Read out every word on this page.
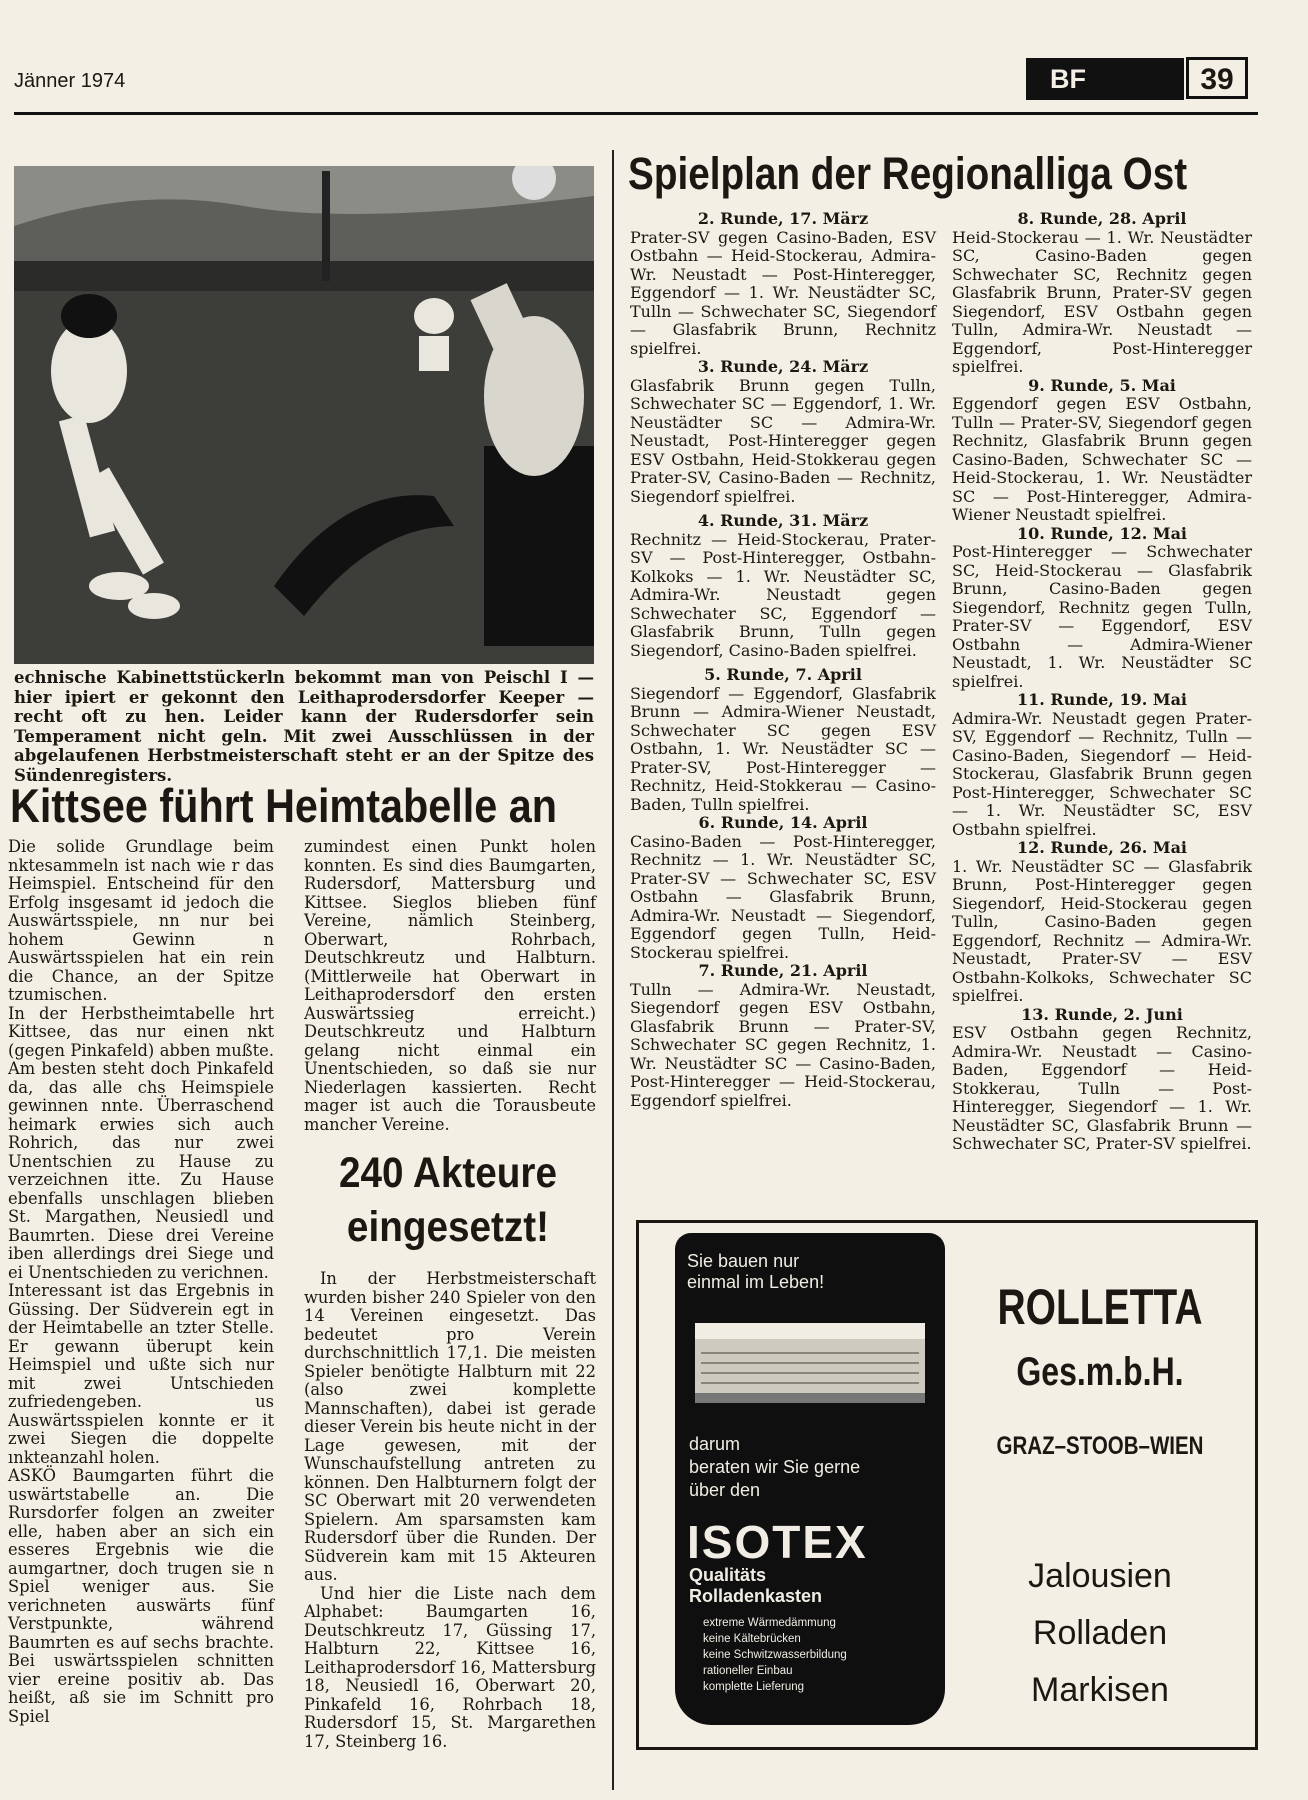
Jänner 1974	BF	39
echnische Kabinettstückerln bekommt man von Peischl I — hier ipiert er gekonnt den Leithaprodersdorfer Keeper — recht oft zu hen. Leider kann der Rudersdorfer sein Temperament nicht geln. Mit zwei Ausschlüssen in der abgelaufenen Herbstmeisterschaft steht er an der Spitze des Sündenregisters.
Kittsee führt Heimtabelle an

Die solide Grundlage beim nktesammeln ist nach wie r das Heimspiel. Entscheind für den Erfolg insgesamt id jedoch die Auswärtsspiele, nn nur bei hohem Gewinn n Auswärtsspielen hat ein rein die Chance, an der Spitze tzumischen.

In der Herbstheimtabelle hrt Kittsee, das nur einen nkt (gegen Pinkafeld) abben mußte. Am besten steht doch Pinkafeld da, das alle chs Heimspiele gewinnen nnte. Überraschend heimark erwies sich auch Rohrich, das nur zwei Unentschien zu Hause zu verzeichnen itte. Zu Hause ebenfalls unschlagen blieben St. Margathen, Neusiedl und Baumrten. Diese drei Vereine iben allerdings drei Siege und ei Unentschieden zu verichnen.

Interessant ist das Ergebnis in Güssing. Der Südverein egt in der Heimtabelle an tzter Stelle. Er gewann überupt kein Heimspiel und ußte sich nur mit zwei Untschieden zufriedengeben. us Auswärtsspielen konnte er it zwei Siegen die doppelte ınkteanzahl holen.

ASKÖ Baumgarten führt die uswärtstabelle an. Die Rursdorfer folgen an zweiter elle, haben aber an sich ein esseres Ergebnis wie die aumgartner, doch trugen sie n Spiel weniger aus. Sie verichneten auswärts fünf Verstpunkte, während Baumrten es auf sechs brachte. Bei uswärtsspielen schnitten vier ereine positiv ab. Das heißt, aß sie im Schnitt pro Spiel

zumindest einen Punkt holen konnten. Es sind dies Baumgarten, Rudersdorf, Mattersburg und Kittsee. Sieglos blieben fünf Vereine, nämlich Steinberg, Oberwart, Rohrbach, Deutschkreutz und Halbturn. (Mittlerweile hat Oberwart in Leithaprodersdorf den ersten Auswärtssieg erreicht.) Deutschkreutz und Halbturn gelang nicht einmal ein Unentschieden, so daß sie nur Niederlagen kassierten. Recht mager ist auch die Torausbeute mancher Vereine.

240 Akteure eingesetzt!

In der Herbstmeisterschaft wurden bisher 240 Spieler von den 14 Vereinen eingesetzt. Das bedeutet pro Verein durchschnittlich 17,1. Die meisten Spieler benötigte Halbturn mit 22 (also zwei komplette Mannschaften), dabei ist gerade dieser Verein bis heute nicht in der Lage gewesen, mit der Wunschaufstellung antreten zu können. Den Halbturnern folgt der SC Oberwart mit 20 verwendeten Spielern. Am sparsamsten kam Rudersdorf über die Runden. Der Südverein kam mit 15 Akteuren aus.

Und hier die Liste nach dem Alphabet: Baumgarten 16, Deutschkreutz 17, Güssing 17, Halbturn 22, Kittsee 16, Leithaprodersdorf 16, Mattersburg 18, Neusiedl 16, Oberwart 20, Pinkafeld 16, Rohrbach 18, Rudersdorf 15, St. Margarethen 17, Steinberg 16.

Spielplan der Regionalliga Ost
2. Runde, 17. März
Prater-SV gegen Casino-Baden, ESV Ostbahn — Heid-Stockerau, Admira-Wr. Neustadt — Post-Hinteregger, Eggendorf — 1. Wr. Neustädter SC, Tulln — Schwechater SC, Siegendorf — Glasfabrik Brunn, Rechnitz spielfrei.
3. Runde, 24. März
Glasfabrik Brunn gegen Tulln, Schwechater SC — Eggendorf, 1. Wr. Neustädter SC — Admira-Wr. Neustadt, Post-Hinteregger gegen ESV Ostbahn, Heid-Stokkerau gegen Prater-SV, Casino-Baden — Rechnitz, Siegendorf spielfrei.
4. Runde, 31. März
Rechnitz — Heid-Stockerau, Prater-SV — Post-Hinteregger, Ostbahn-Kolkoks — 1. Wr. Neustädter SC, Admira-Wr. Neustadt gegen Schwechater SC, Eggendorf — Glasfabrik Brunn, Tulln gegen Siegendorf, Casino-Baden spielfrei.
5. Runde, 7. April
Siegendorf — Eggendorf, Glasfabrik Brunn — Admira-Wiener Neustadt, Schwechater SC gegen ESV Ostbahn, 1. Wr. Neustädter SC — Prater-SV, Post-Hinteregger — Rechnitz, Heid-Stokkerau — Casino-Baden, Tulln spielfrei.
6. Runde, 14. April
Casino-Baden — Post-Hinteregger, Rechnitz — 1. Wr. Neustädter SC, Prater-SV — Schwechater SC, ESV Ostbahn — Glasfabrik Brunn, Admira-Wr. Neustadt — Siegendorf, Eggendorf gegen Tulln, Heid-Stockerau spielfrei.
7. Runde, 21. April
Tulln — Admira-Wr. Neustadt, Siegendorf gegen ESV Ostbahn, Glasfabrik Brunn — Prater-SV, Schwechater SC gegen Rechnitz, 1. Wr. Neustädter SC — Casino-Baden, Post-Hinteregger — Heid-Stockerau, Eggendorf spielfrei.
8. Runde, 28. April
Heid-Stockerau — 1. Wr. Neustädter SC, Casino-Baden gegen Schwechater SC, Rechnitz gegen Glasfabrik Brunn, Prater-SV gegen Siegendorf, ESV Ostbahn gegen Tulln, Admira-Wr. Neustadt — Eggendorf, Post-Hinteregger spielfrei.
9. Runde, 5. Mai
Eggendorf gegen ESV Ostbahn, Tulln — Prater-SV, Siegendorf gegen Rechnitz, Glasfabrik Brunn gegen Casino-Baden, Schwechater SC — Heid-Stockerau, 1. Wr. Neustädter SC — Post-Hinteregger, Admira-Wiener Neustadt spielfrei.
10. Runde, 12. Mai
Post-Hinteregger — Schwechater SC, Heid-Stockerau — Glasfabrik Brunn, Casino-Baden gegen Siegendorf, Rechnitz gegen Tulln, Prater-SV — Eggendorf, ESV Ostbahn — Admira-Wiener Neustadt, 1. Wr. Neustädter SC spielfrei.
11. Runde, 19. Mai
Admira-Wr. Neustadt gegen Prater-SV, Eggendorf — Rechnitz, Tulln — Casino-Baden, Siegendorf — Heid-Stockerau, Glasfabrik Brunn gegen Post-Hinteregger, Schwechater SC — 1. Wr. Neustädter SC, ESV Ostbahn spielfrei.
12. Runde, 26. Mai
1. Wr. Neustädter SC — Glasfabrik Brunn, Post-Hinteregger gegen Siegendorf, Heid-Stockerau gegen Tulln, Casino-Baden gegen Eggendorf, Rechnitz — Admira-Wr. Neustadt, Prater-SV — ESV Ostbahn-Kolkoks, Schwechater SC spielfrei.
13. Runde, 2. Juni
ESV Ostbahn gegen Rechnitz, Admira-Wr. Neustadt — Casino-Baden, Eggendorf — Heid-Stokkerau, Tulln — Post-Hinteregger, Siegendorf — 1. Wr. Neustädter SC, Glasfabrik Brunn — Schwechater SC, Prater-SV spielfrei.
Sie bauen nur
einmal im Leben!
darum
beraten wir Sie gerne
über den
ISOTEX
Qualitäts
Rolladenkasten
extreme Wärmedämmung
keine Kältebrücken
keine Schwitzwasserbildung
rationeller Einbau
komplette Lieferung
ROLLETTA
Ges.m.b.H.
GRAZ–STOOB–WIEN
Jalousien
Rolladen
Markisen
